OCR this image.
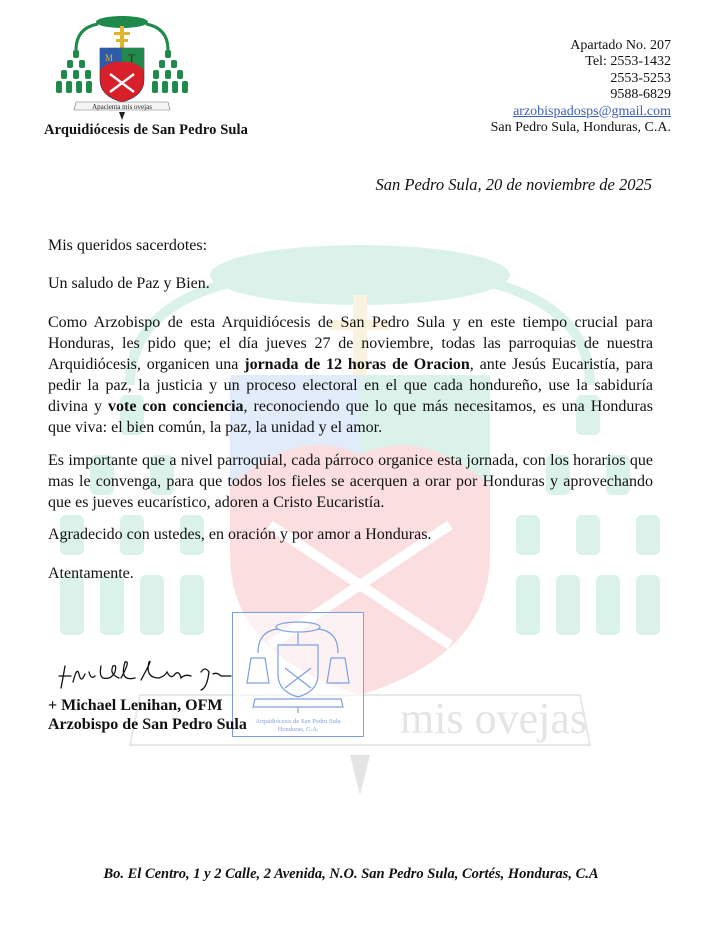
mis ovejas
M T
Apacienta mis ovejas
Arquidiócesis de San Pedro Sula
Apartado No. 207
Tel: 2553-1432
2553-5253
9588-6829
arzobispadosps@gmail.com
San Pedro Sula, Honduras, C.A.
San Pedro Sula, 20 de noviembre de 2025
Mis queridos sacerdotes:
Un saludo de Paz y Bien.
Como Arzobispo de esta Arquidiócesis de San Pedro Sula y en este tiempo crucial para Honduras, les pido que; el día jueves 27 de noviembre, todas las parroquias de nuestra Arquidiócesis, organicen una jornada de 12 horas de Oracion, ante Jesús Eucaristía, para pedir la paz, la justicia y un proceso electoral en el que cada hondureño, use la sabiduría divina y vote con conciencia, reconociendo que lo que más necesitamos, es una Honduras que viva: el bien común, la paz, la unidad y el amor.
Es importante que a nivel parroquial, cada párroco organice esta jornada, con los horarios que mas le convenga, para que todos los fieles se acerquen a orar por Honduras y aprovechando que es jueves eucarístico, adoren a Cristo Eucaristía.
Agradecido con ustedes, en oración y por amor a Honduras.
Atentamente.
Arquidiócesis de San Pedro Sula
Honduras, C.A.
+ Michael Lenihan, OFM
Arzobispo de San Pedro Sula
Bo. El Centro, 1 y 2 Calle, 2 Avenida, N.O. San Pedro Sula, Cortés, Honduras, C.A
